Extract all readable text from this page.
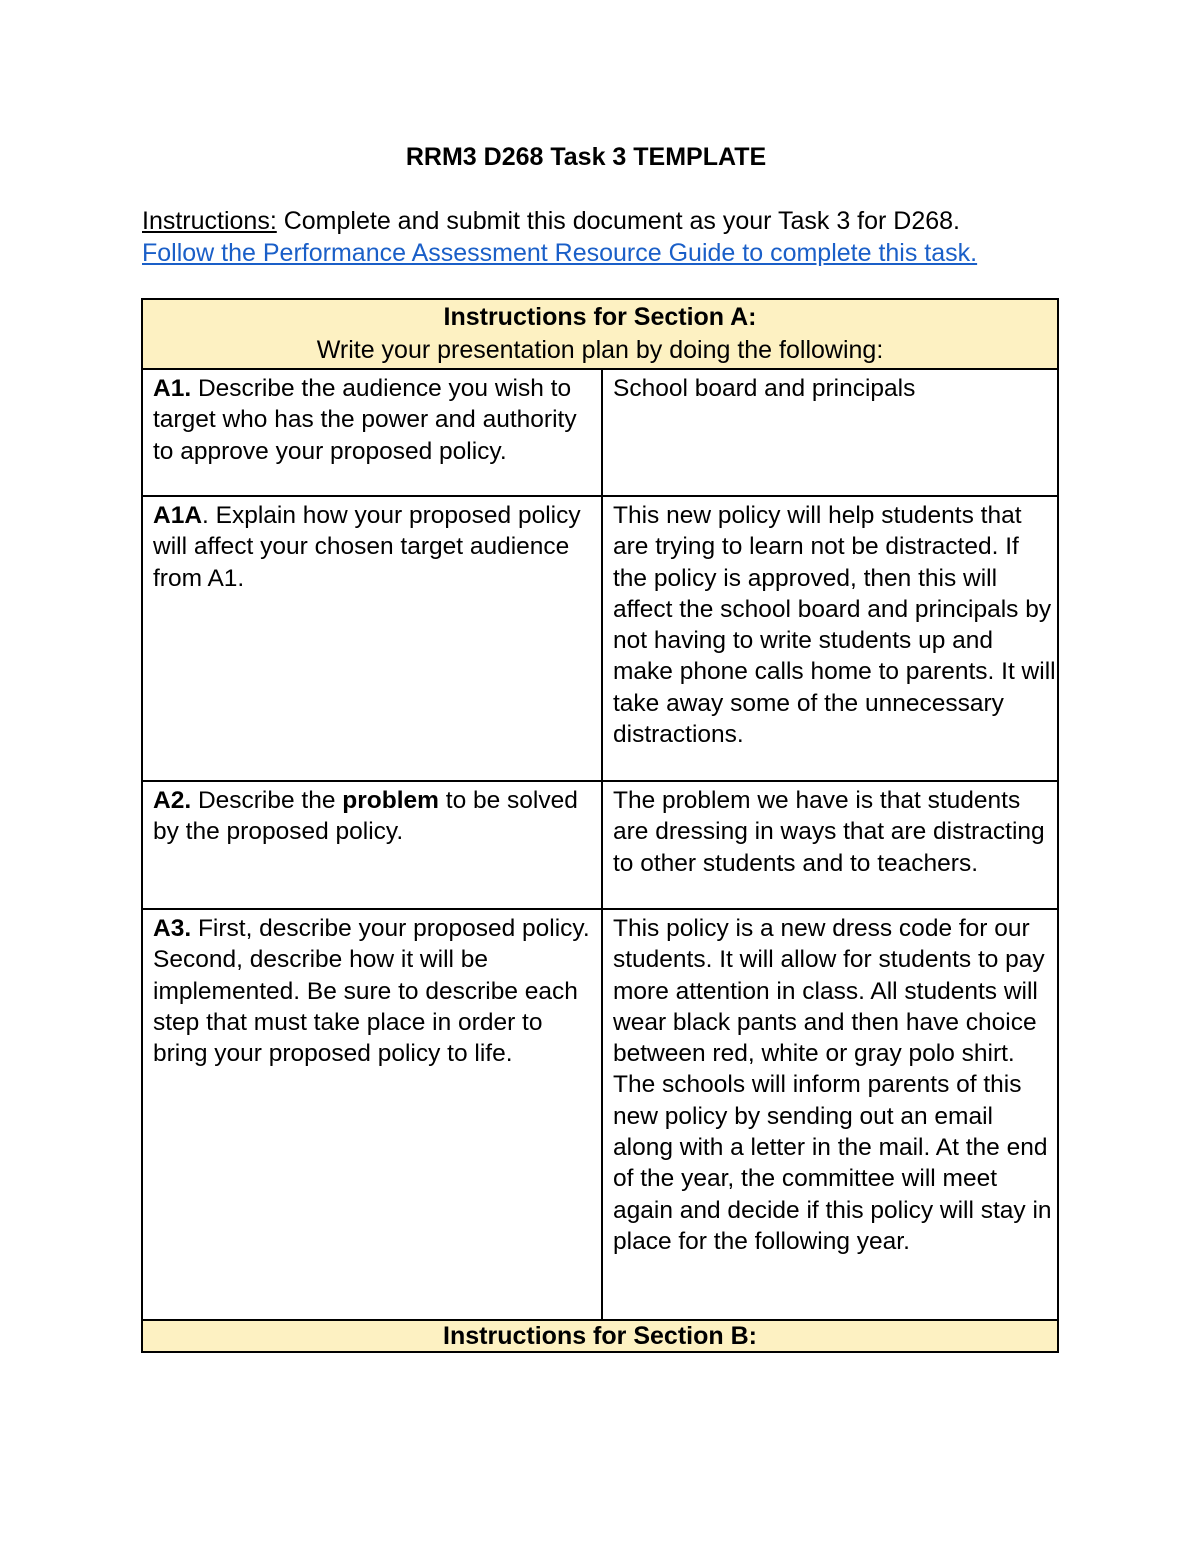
RRM3 D268 Task 3 TEMPLATE
Instructions: Complete and submit this document as your Task 3 for D268.
Follow the Performance Assessment Resource Guide to complete this task.
Instructions for Section A:
Write your presentation plan by doing the following:
A1. Describe the audience you wish to target who has the power and authority to approve your proposed policy.
School board and principals
A1A. Explain how your proposed policy will affect your chosen target audience from A1.
This new policy will help students that are trying to learn not be distracted. If the policy is approved, then this will affect the school board and principals by not having to write students up and make phone calls home to parents. It will take away some of the unnecessary distractions.
A2. Describe the problem to be solved by the proposed policy.
The problem we have is that students are dressing in ways that are distracting to other students and to teachers.
A3. First, describe your proposed policy. Second, describe how it will be implemented. Be sure to describe each step that must take place in order to bring your proposed policy to life.
This policy is a new dress code for our students. It will allow for students to pay more attention in class. All students will wear black pants and then have choice between red, white or gray polo shirt. The schools will inform parents of this new policy by sending out an email along with a letter in the mail. At the end of the year, the committee will meet again and decide if this policy will stay in place for the following year.
Instructions for Section B:
